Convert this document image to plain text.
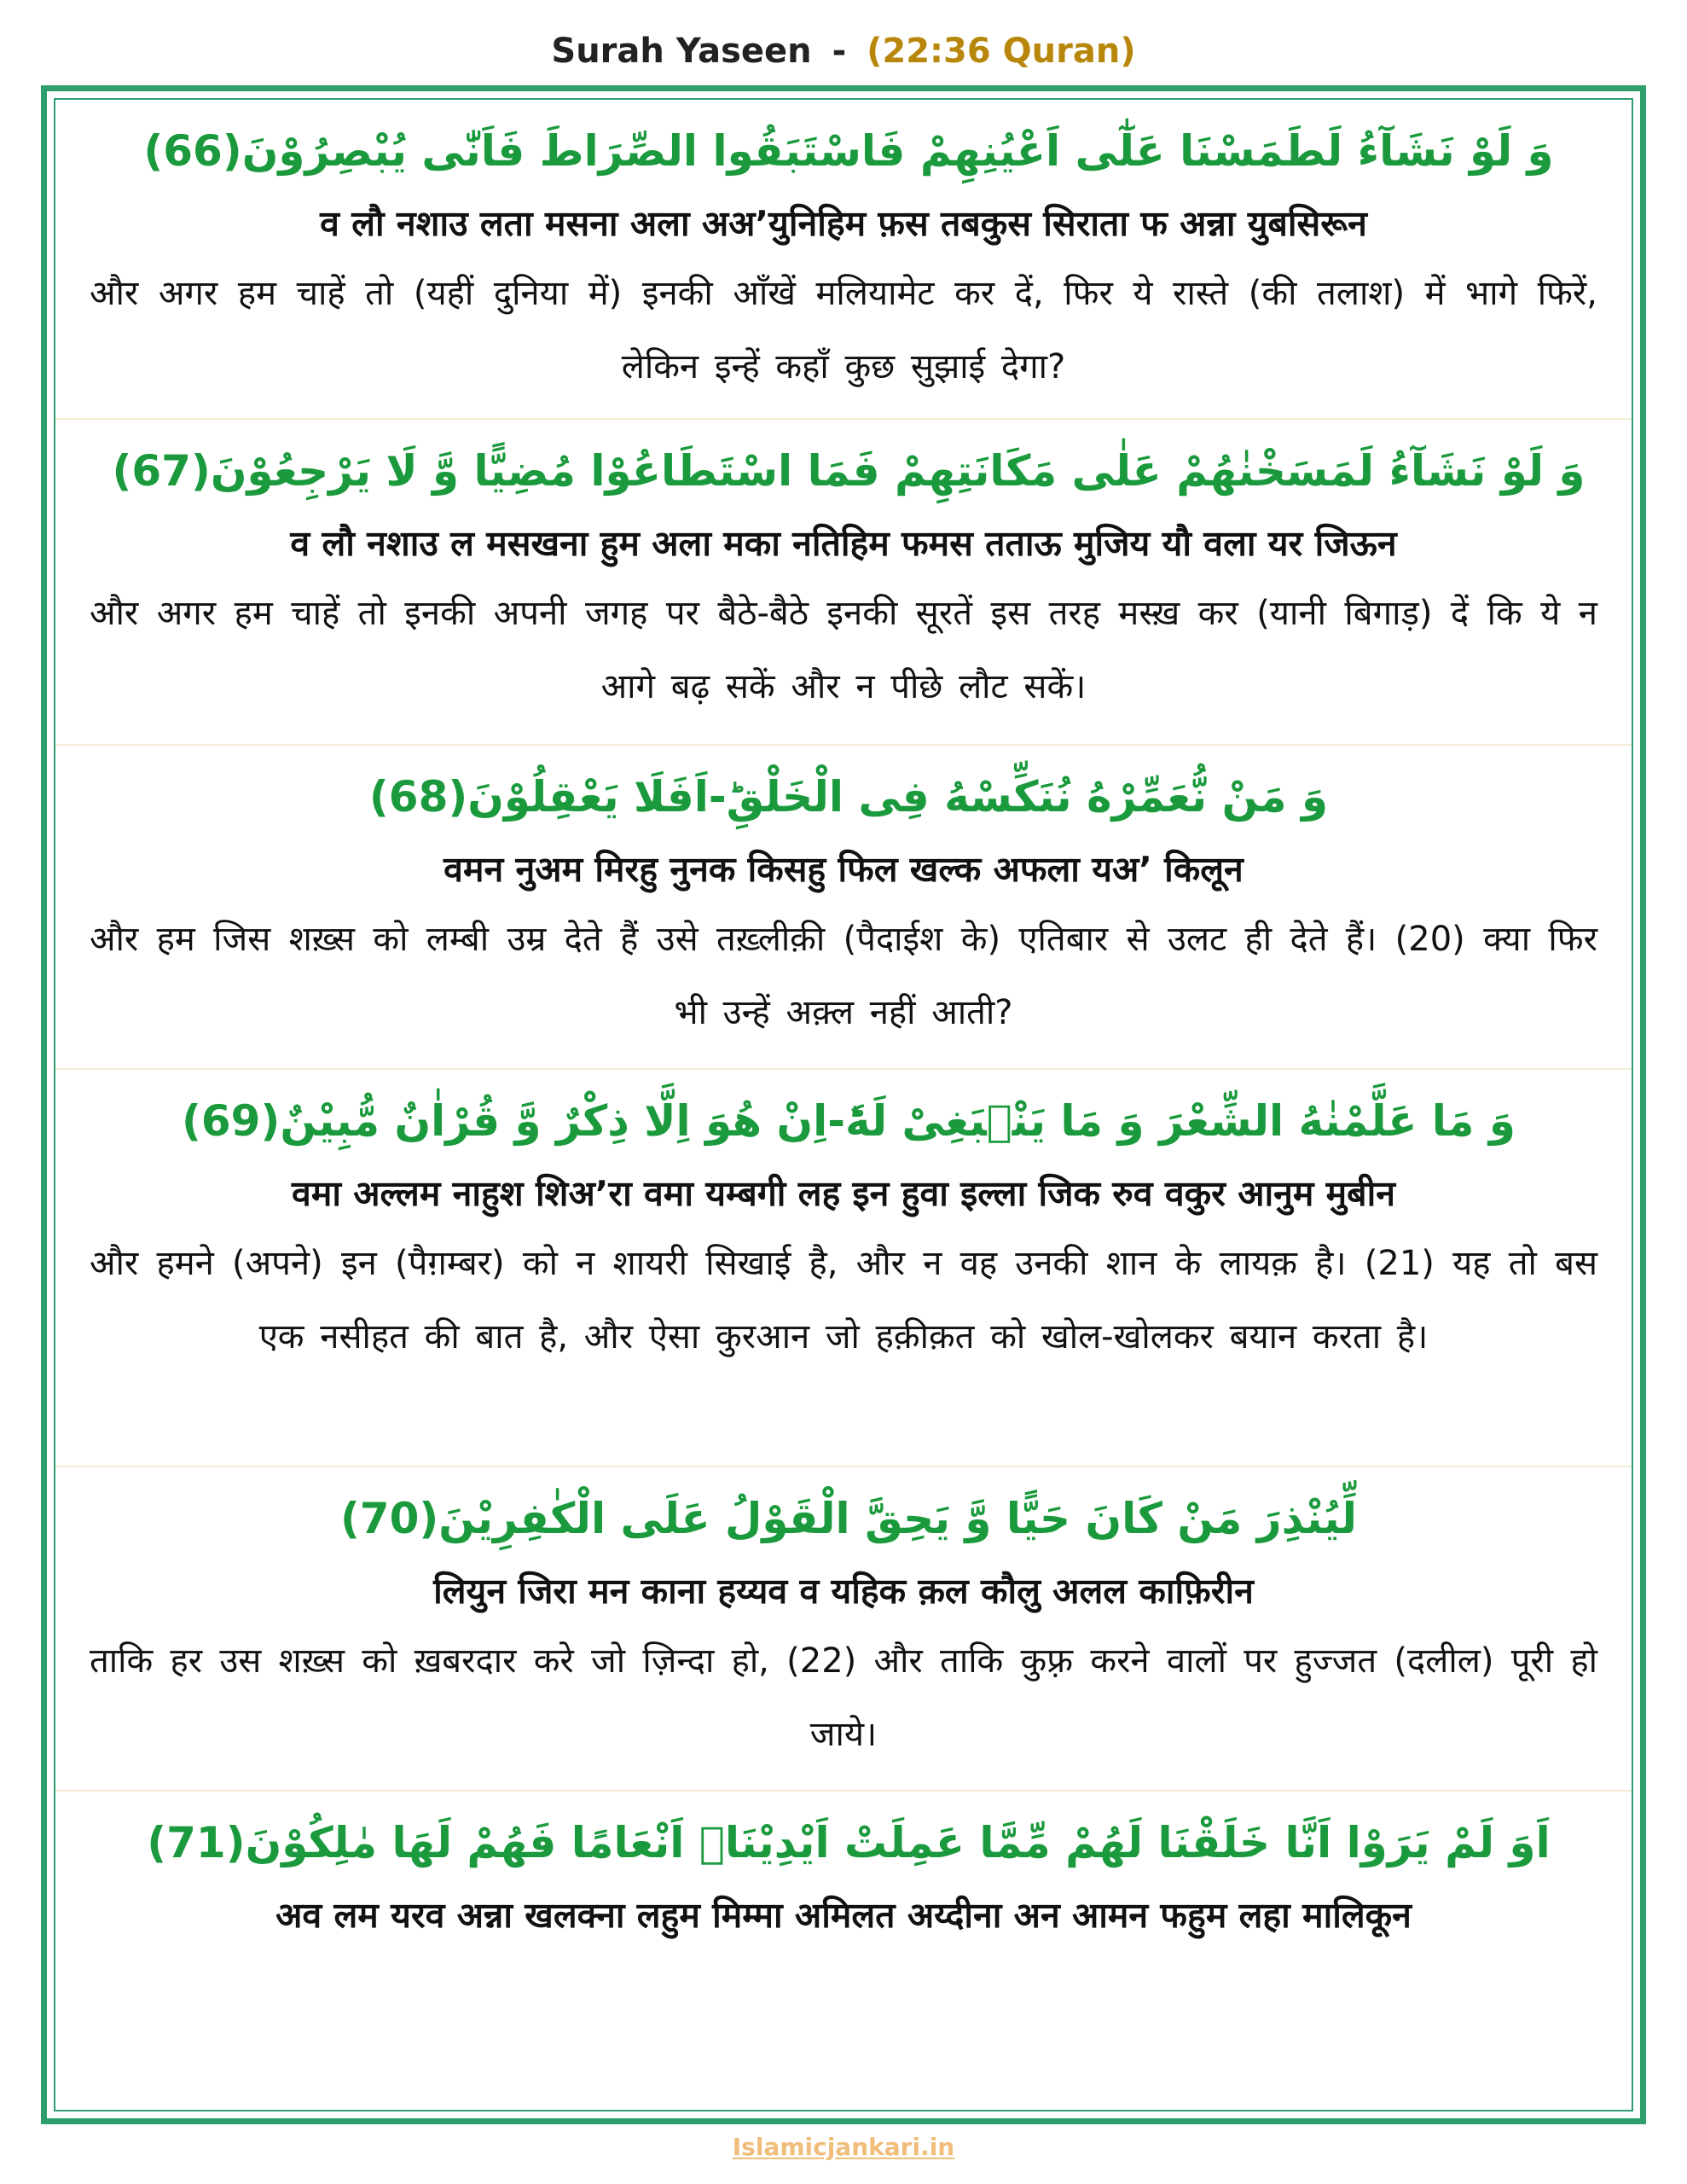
Surah Yaseen - (22:36 Quran)
وَ لَوْ نَشَآءُ لَطَمَسْنَا عَلٰٓى اَعْيُنِهِمْ فَاسْتَبَقُوا الصِّرَاطَ فَاَنّٰى يُبْصِرُوْنَ(66)
व लौ नशाउ लता मसना अला अअ’युनिहिम फ़स तबकुस सिराता फ अन्ना युबसिरून
और अगर हम चाहें तो (यहीं दुनिया में) इनकी आँखें मलियामेट कर दें, फिर ये रास्ते (की तलाश) में भागे फिरें, लेकिन इन्हें कहाँ कुछ सुझाई देगा?
وَ لَوْ نَشَآءُ لَمَسَخْنٰهُمْ عَلٰى مَكَانَتِهِمْ فَمَا اسْتَطَاعُوْا مُضِيًّا وَّ لَا يَرْجِعُوْنَ(67)
व लौ नशाउ ल मसखना हुम अला मका नतिहिम फमस तताऊ मुजिय यौ वला यर जिऊन
और अगर हम चाहें तो इनकी अपनी जगह पर बैठे-बैठे इनकी सूरतें इस तरह मस्ख़ कर (यानी बिगाड़) दें कि ये न आगे बढ़ सकें और न पीछे लौट सकें।
وَ مَنْ نُّعَمِّرْهُ نُنَكِّسْهُ فِى الْخَلْقِؕ-اَفَلَا يَعْقِلُوْنَ(68)
वमन नुअम मिरहु नुनक किसहु फिल खल्क अफला यअ’ किलून
और हम जिस शख़्स को लम्बी उम्र देते हैं उसे तख़्लीक़ी (पैदाईश के) एतिबार से उलट ही देते हैं। (20) क्या फिर भी उन्हें अक़्ल नहीं आती?
وَ مَا عَلَّمْنٰهُ الشِّعْرَ وَ مَا يَنْۢبَغِىْ لَهٗؕ-اِنْ هُوَ اِلَّا ذِكْرٌ وَّ قُرْاٰنٌ مُّبِيْنٌ(69)
वमा अल्लम नाहुश शिअ’रा वमा यम्बगी लह इन हुवा इल्ला जिक रुव वकुर आनुम मुबीन
और हमने (अपने) इन (पैग़म्बर) को न शायरी सिखाई है, और न वह उनकी शान के लायक़ है। (21) यह तो बस एक नसीहत की बात है, और ऐसा कुरआन जो हक़ीक़त को खोल-खोलकर बयान करता है।
لِّيُنْذِرَ مَنْ كَانَ حَيًّا وَّ يَحِقَّ الْقَوْلُ عَلَى الْكٰفِرِيْنَ(70)
लियुन जिरा मन काना हय्यव व यहिक क़ल कौलु अलल काफ़िरीन
ताकि हर उस शख़्स को ख़बरदार करे जो ज़िन्दा हो, (22) और ताकि कुफ़्र करने वालों पर हुज्जत (दलील) पूरी हो जाये।
اَوَ لَمْ يَرَوْا اَنَّا خَلَقْنَا لَهُمْ مِّمَّا عَمِلَتْ اَيْدِيْنَاۤ اَنْعَامًا فَهُمْ لَهَا مٰلِكُوْنَ(71)
अव लम यरव अन्ना खलक्ना लहुम मिम्मा अमिलत अय्दीना अन आमन फहुम लहा मालिकून
Islamicjankari.in
